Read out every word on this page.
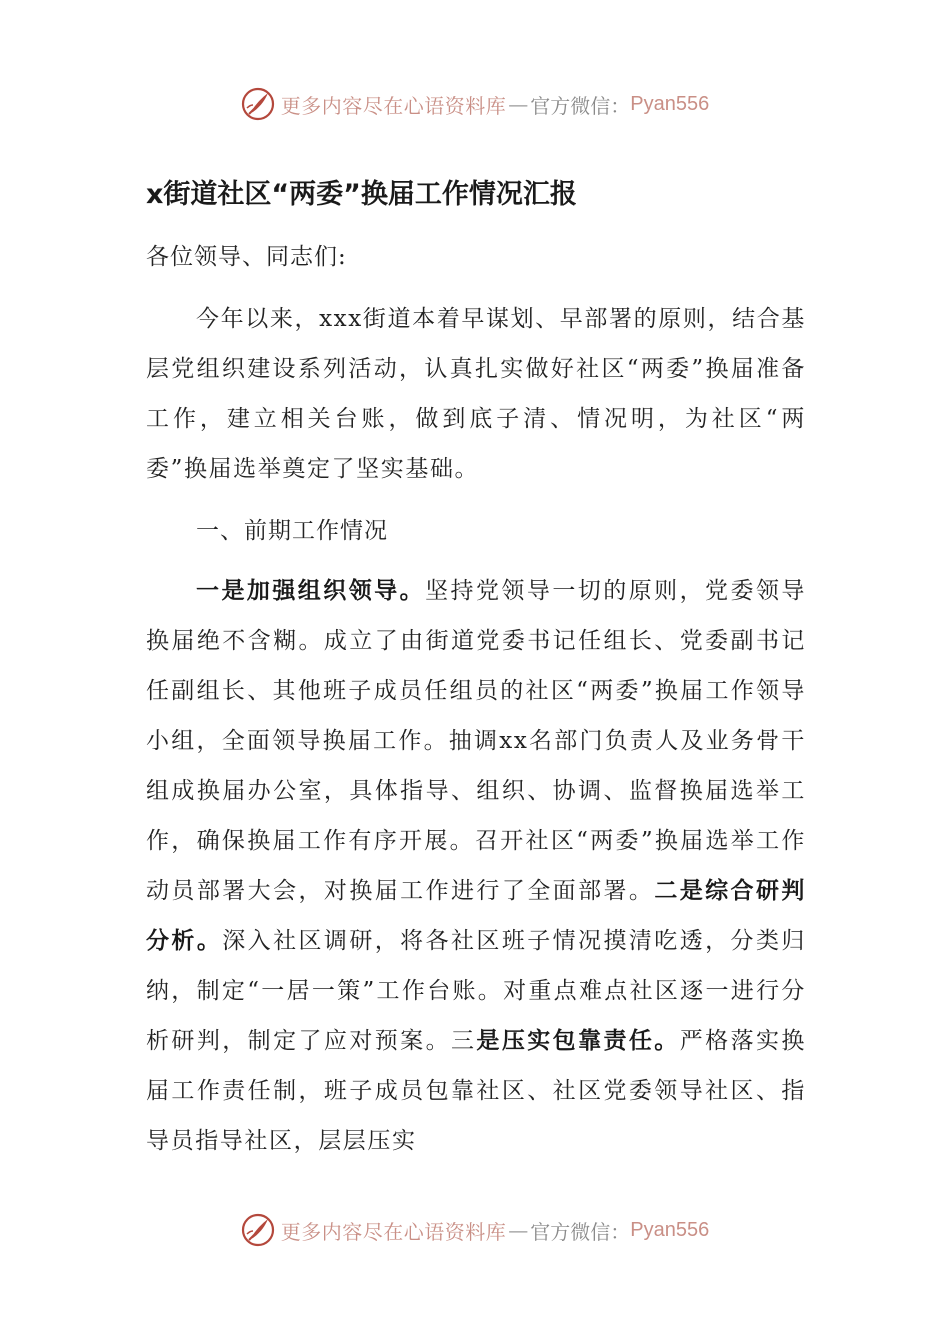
更多内容尽在心语资料库 — 官方微信： Pyan556
x街道社区“两委”换届工作情况汇报

各位领导、同志们:

今年以来，xxx街道本着早谋划、早部署的原则，结合基层党组织建设系列活动，认真扎实做好社区“两委”换届准备工作，建立相关台账，做到底子清、情况明，为社区“两委”换届选举奠定了坚实基础。

一、前期工作情况

一是加强组织领导。坚持党领导一切的原则，党委领导换届绝不含糊。成立了由街道党委书记任组长、党委副书记任副组长、其他班子成员任组员的社区“两委”换届工作领导小组，全面领导换届工作。抽调xx名部门负责人及业务骨干组成换届办公室，具体指导、组织、协调、监督换届选举工作，确保换届工作有序开展。召开社区“两委”换届选举工作动员部署大会，对换届工作进行了全面部署。二是综合研判分析。深入社区调研，将各社区班子情况摸清吃透，分类归纳，制定“一居一策”工作台账。对重点难点社区逐一进行分析研判，制定了应对预案。三是压实包靠责任。严格落实换届工作责任制，班子成员包靠社区、社区党委领导社区、指导员指导社区，层层压实

更多内容尽在心语资料库 — 官方微信： Pyan556
